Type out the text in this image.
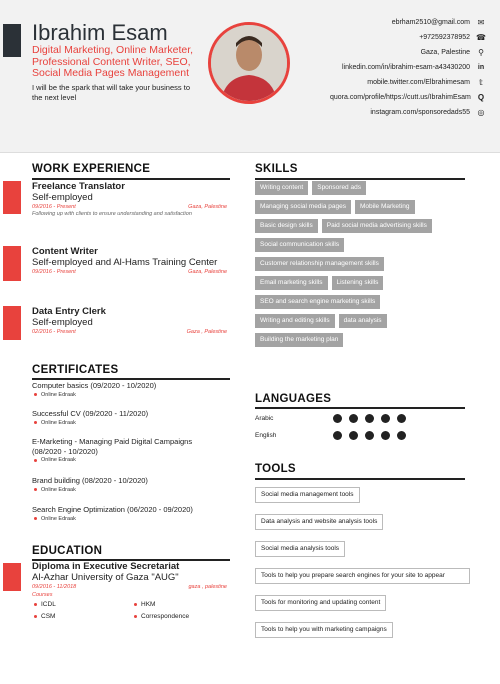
Ibrahim Esam
Digital Marketing, Online Marketer, Professional Content Writer, SEO, Social Media Pages Management
I will be the spark that will take your business to the next level
ebrham2510@gmail.com ✉
+972592378952 ☎
Gaza, Palestine ⚲
linkedin.com/in/ibrahim-esam-a43430200 in
mobile.twitter.com/Elbrahimesam	𝕥
quora.com/profile/https://cutt.us/IbrahimEsam Q
instagram.com/sponsoredads55 ◎
WORK EXPERIENCE
Freelance Translator
Self-employed
09/2016 - Present	Gaza, Palestine
Following up with clients to ensure understanding and satisfaction
Content Writer
Self-employed and Al-Hams Training Center
09/2016 - Present	Gaza, Palestine
Data Entry Clerk
Self-employed
02/2016 - Present	Gaza , Palestine
CERTIFICATES
Computer basics (09/2020 - 10/2020)
Online Edraak
Successful CV (09/2020 - 11/2020)
Online Edraak
E-Marketing - Managing Paid Digital Campaigns (08/2020 - 10/2020)
Online Edraak
Brand building (08/2020 - 10/2020)
Online Edraak
Search Engine Optimization (06/2020 - 09/2020)
Online Edraak
EDUCATION
Diploma in Executive Secretariat
Al-Azhar University of Gaza "AUG"
09/2016 - 11/2018	gaza , palestine
Courses
ICDL	HKM
CSM	Correspondence
SKILLS
Writing content	Sponsored ads
Managing social media pages	Mobile Marketing
Basic design skills	Paid social media advertising skills
Social communication skills
Customer relationship management skills
Email marketing skills	Listening skills
SEO and search engine marketing skills
Writing and editing skills	data analysis
Building the marketing plan
LANGUAGES
Arabic
English
TOOLS
Social media management tools
Data analysis and website analysis tools
Social media analysis tools
Tools to help you prepare search engines for your site to appear
Tools for monitoring and updating content
Tools to help you with marketing campaigns
